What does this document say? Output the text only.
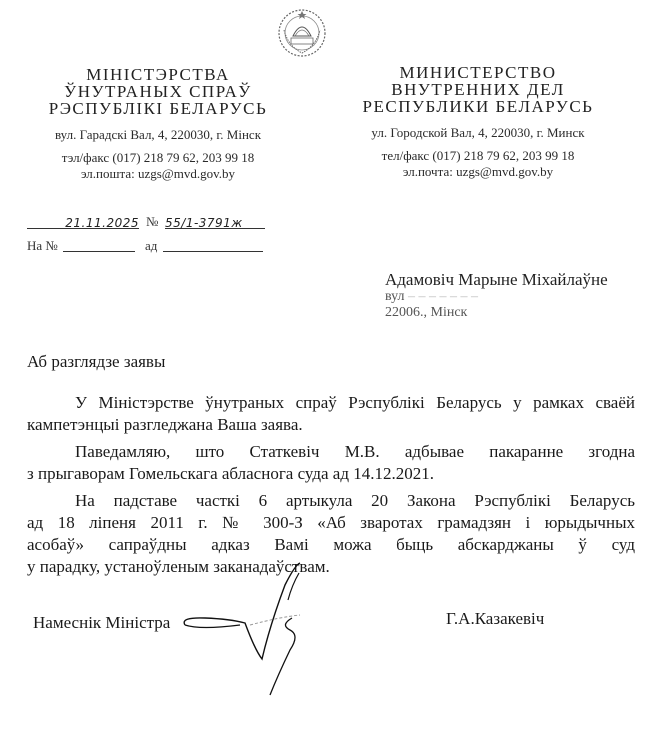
МІНІСТЭРСТВА
ЎНУТРАНЫХ СПРАЎ
РЭСПУБЛІКІ БЕЛАРУСЬ
вул. Гарадскі Вал, 4, 220030, г. Мінск
тэл/факс (017) 218 79 62, 203 99 18
эл.пошта: uzgs@mvd.gov.by
МИНИСТЕРСТВО
ВНУТРЕННИХ ДЕЛ
РЕСПУБЛИКИ БЕЛАРУСЬ
ул. Городской Вал, 4, 220030, г. Минск
тел/факс (017) 218 79 62, 203 99 18
эл.почта: uzgs@mvd.gov.by
21.11.2025 № 55/1-3791ж
На №	ад
Адамовіч Марыне Міхайлаўне
вул ‒ ‒ ‒ ‒ ‒ ‒ ‒
22006., Мінск
Аб разглядзе заявы

У Міністэрстве ўнутраных спраў Рэспублікі Беларусь у рамках сваёй

кампетэнцыі разгледжана Ваша заява.

Паведамляю, што Статкевіч М.В. адбывае пакаранне згодна

з прыгаворам Гомельскага абласнога суда ад 14.12.2021.

На падставе часткі 6 артыкула 20 Закона Рэспублікі Беларусь

ад 18 ліпеня 2011 г. № 300-З «Аб зваротах грамадзян і юрыдычных

асобаў» сапраўдны адказ Вамі можа быць абскарджаны ў суд

у парадку, устаноўленым заканадаўствам.

Намеснік Міністра	Г.А.Казакевіч
